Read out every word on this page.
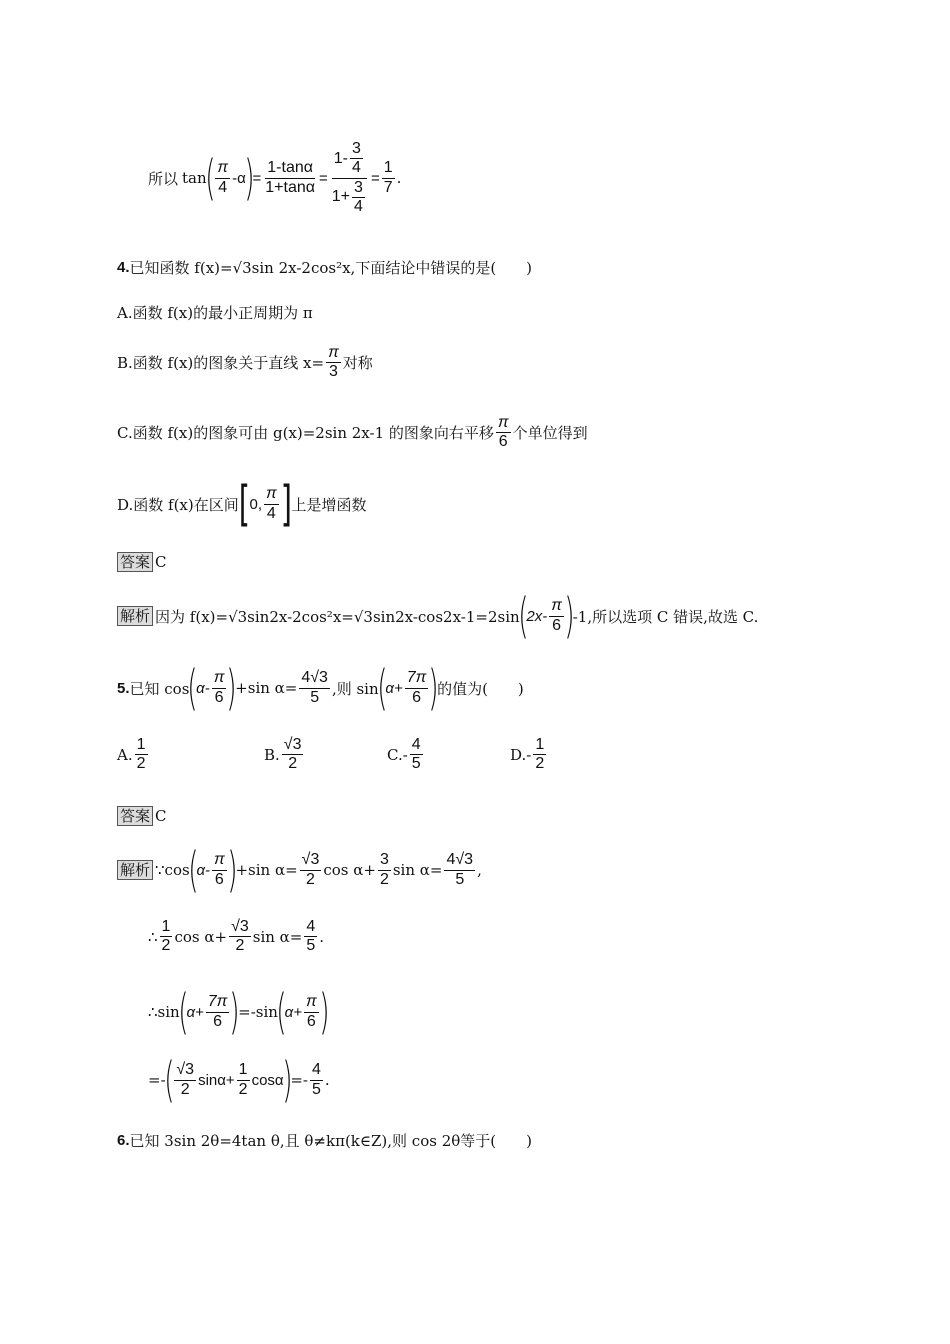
所以 tan
( $\frac{\pi}{4} -\alpha$
)
= $\frac{1-\tan\alpha}{1+\tan\alpha} = \frac{1- \frac{3}{4}}{1+ \frac{3}{4}} = \frac{1}{7}$ .
4. 已知函数 f(x)=√3sin 2x-2cos²x,下面结论中错误的是(　　)
A.函数 f(x)的最小正周期为 π
B.函数 f(x)的图象关于直线 $x= \frac{\pi}{3}$ 对称
C.函数 f(x)的图象可由 g(x)=2sin 2x-1 的图象向右平移 $\frac{\pi}{6}$ 个单位得到
D.函数 f(x)在区间 [ 0, $\frac{\pi}{4}$ ] 上是增函数
答案 C
解析 因为 f(x)=√3sin2x-2cos²x=√3sin2x-cos2x-1=2sin
(
$2x- \frac{\pi}{6}$ )
-1,所以选项 C 错误,故选 C.
5. 已知 cos
(
$\alpha- \frac{\pi}{6}$ )
+sin $\alpha= \frac{4√3}{5}$ ,则 sin
(
$\alpha+ \frac{7\pi}{6}$ )
的值为(　　)
A. $\frac{1}{2}$	B. $\frac{√3}{2}$	$C.- \frac{4}{5}$	$D.- \frac{1}{2}$
答案 C
解析 ∵cos
(
$\alpha- \frac{\pi}{6}$ )
+sin $\alpha= \frac{√3}{2}$ $\cos \alpha+ \frac{3}{2}$ $\sin \alpha= \frac{4√3}{5}$ ,
∴ $\frac{1}{2}$ $\cos \alpha+ \frac{√3}{2}$ $\sin \alpha= \frac{4}{5}$ .
∴sin
(
$\alpha+ \frac{7\pi}{6}$ )
=-sin
(
$\alpha+ \frac{\pi}{6}$ )
=-
( $\frac{√3}{2} \sin\alpha+ \frac{1}{2}$ cosα
)
=- $\frac{4}{5}$ .
6. 已知 3sin 2θ=4tan θ,且 θ≠kπ(k∈Z),则 cos 2θ等于(　　)
